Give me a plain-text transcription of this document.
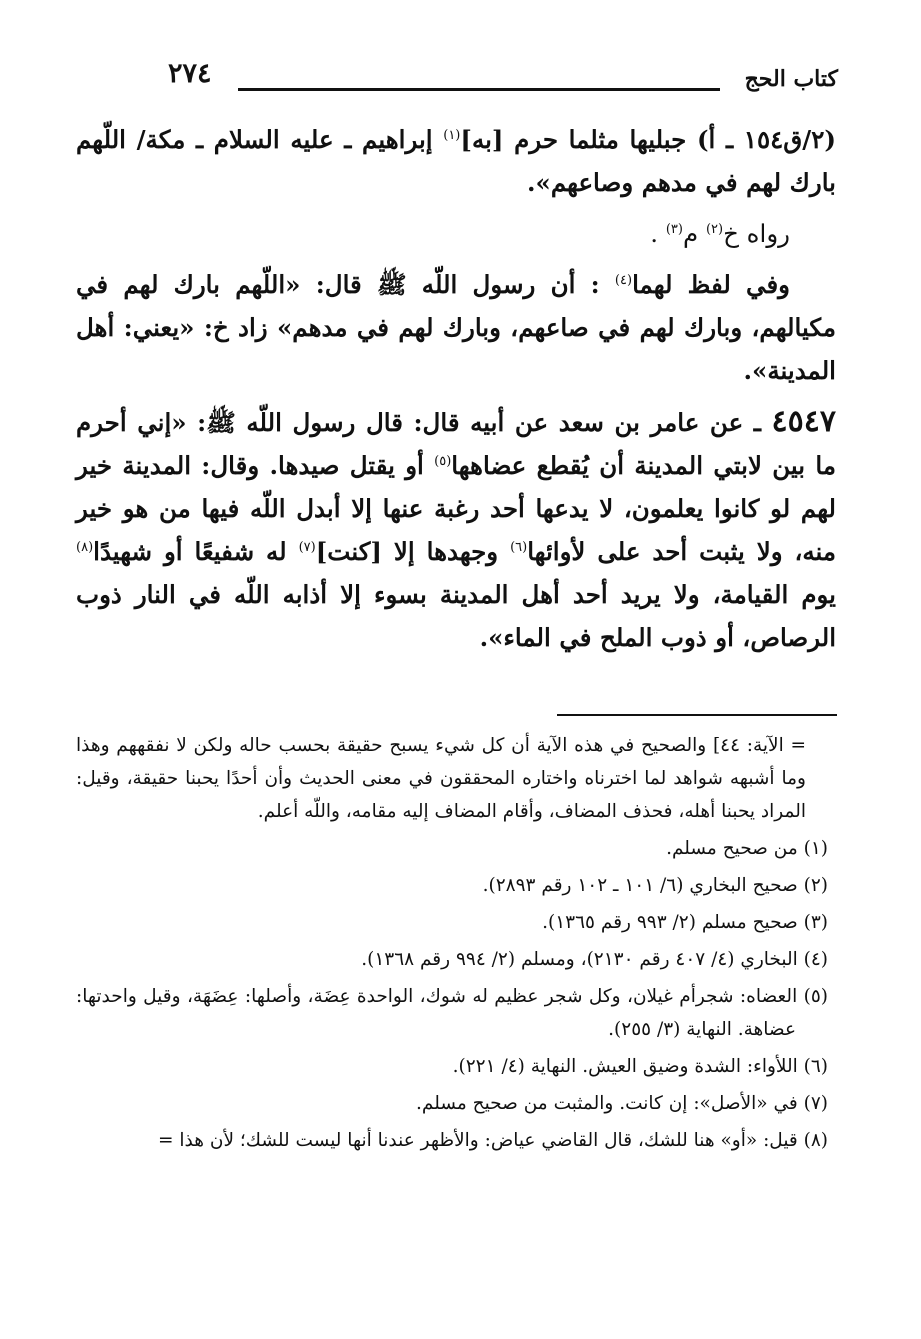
كتاب الحج
٢٧٤

(٢/ق١٥٤ ـ أ) جبليها مثلما حرم [به]$^{(١)}$ إبراهيم ـ عليه السلام ـ مكة/ اللّهم بارك لهم في مدهم وصاعهم».

رواه خ$^{(٢)}$ م$^{(٣)}$ .

وفي لفظ لهما$^{(٤)}$ : أن رسول اللّه ﷺ قال: «اللّهم بارك لهم في مكيالهم، وبارك لهم في صاعهم، وبارك لهم في مدهم» زاد خ: «يعني: أهل المدينة».

٤٥٤٧ ـ عن عامر بن سعد عن أبيه قال: قال رسول اللّه ﷺ: «إني أحرم ما بين لابتي المدينة أن يُقطع عضاهها$^{(٥)}$ أو يقتل صيدها. وقال: المدينة خير لهم لو كانوا يعلمون، لا يدعها أحد رغبة عنها إلا أبدل اللّه فيها من هو خير منه، ولا يثبت أحد على لأوائها$^{(٦)}$ وجهدها إلا [كنت]$^{(٧)}$ له شفيعًا أو شهيدًا$^{(٨)}$ يوم القيامة، ولا يريد أحد أهل المدينة بسوء إلا أذابه اللّه في النار ذوب الرصاص، أو ذوب الملح في الماء».

= الآية: ٤٤] والصحيح في هذه الآية أن كل شيء يسبح حقيقة بحسب حاله ولكن لا نفقههم وهذا وما أشبهه شواهد لما اخترناه واختاره المحققون في معنى الحديث وأن أحدًا يحبنا حقيقة، وقيل: المراد يحبنا أهله، فحذف المضاف، وأقام المضاف إليه مقامه، واللّه أعلم.

(١) من صحيح مسلم.

(٢) صحيح البخاري (٦/ ١٠١ ـ ١٠٢ رقم ٢٨٩٣).

(٣) صحيح مسلم (٢/ ٩٩٣ رقم ١٣٦٥).

(٤) البخاري (٤/ ٤٠٧ رقم ٢١٣٠)، ومسلم (٢/ ٩٩٤ رقم ١٣٦٨).

(٥) العضاه: شجرأم غيلان، وكل شجر عظيم له شوك، الواحدة عِضَة، وأصلها: عِضَهَة، وقيل واحدتها: عضاهة. النهاية (٣/ ٢٥٥).

(٦) اللأواء: الشدة وضيق العيش. النهاية (٤/ ٢٢١).

(٧) في «الأصل»: إن كانت. والمثبت من صحيح مسلم.

(٨) قيل: «أو» هنا للشك، قال القاضي عياض: والأظهر عندنا أنها ليست للشك؛ لأن هذا =
